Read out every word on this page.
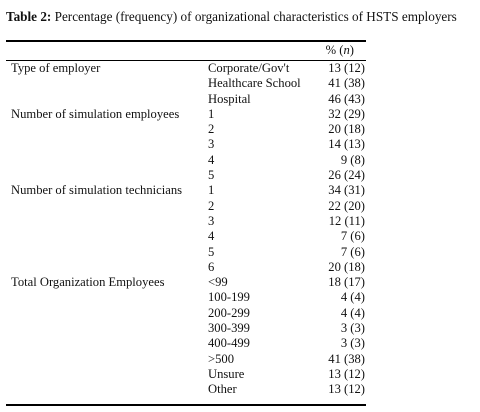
Table 2: Percentage (frequency) of organizational characteristics of HSTS employers
% (n)
Type of employer	Corporate/Gov't	13 (12)
	Healthcare School	41 (38)
	Hospital	46 (43)
Number of simulation employees	1	32 (29)
	2	20 (18)
	3	14 (13)
	4	9 (8)
	5	26 (24)
Number of simulation technicians	1	34 (31)
	2	22 (20)
	3	12 (11)
	4	7 (6)
	5	7 (6)
	6	20 (18)
Total Organization Employees	<99	18 (17)
	100-199	4 (4)
	200-299	4 (4)
	300-399	3 (3)
	400-499	3 (3)
	>500	41 (38)
	Unsure	13 (12)
	Other	13 (12)
